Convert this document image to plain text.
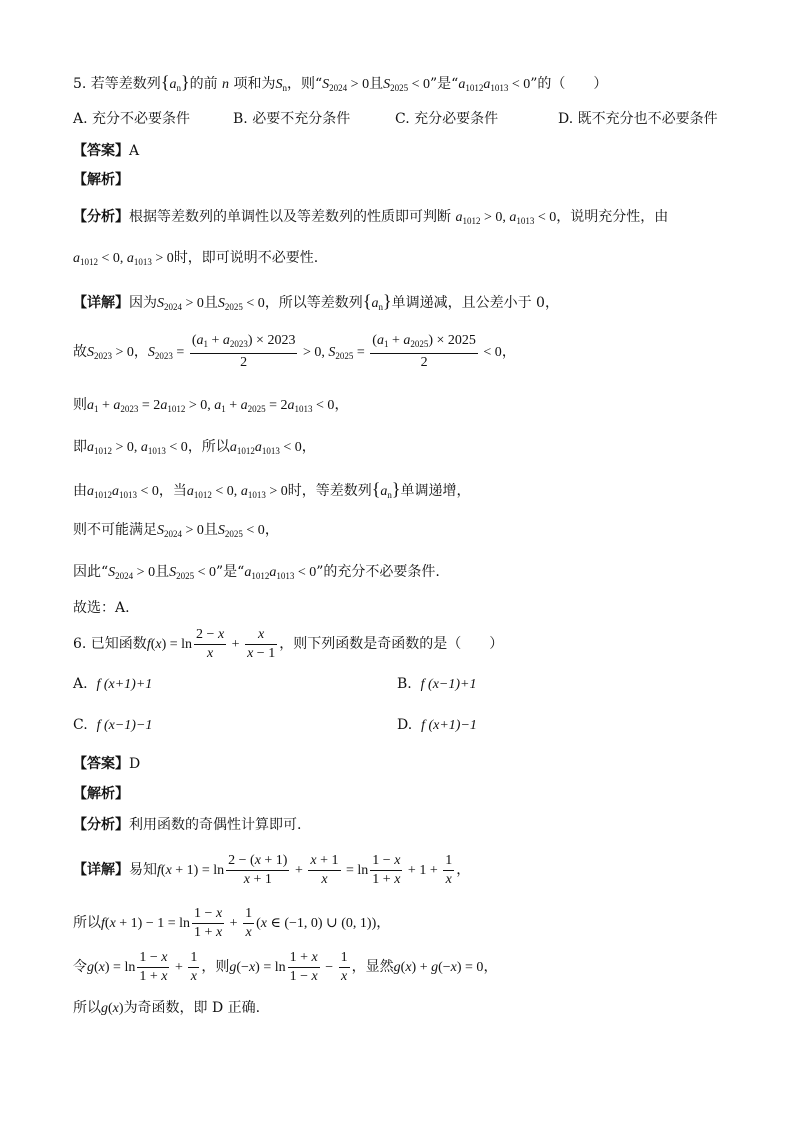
5. 若等差数列$\{a_n\}$的前 n 项和为$S_n$，则“$S_{2024} > 0$且$S_{2025} < 0$”是“$a_{1012}a_{1013} < 0$”的（　　）
A. 充分不必要条件	B. 必要不充分条件	C. 充分必要条件	D. 既不充分也不必要条件
【答案】A
【解析】
【分析】根据等差数列的单调性以及等差数列的性质即可判断 $a_{1012} > 0$, $a_{1013} < 0$，说明充分性，由
$a_{1012} < 0$, $a_{1013} > 0$时，即可说明不必要性.
【详解】因为$S_{2024} > 0$且$S_{2025} < 0$，所以等差数列$\{a_n\}$单调递减，且公差小于 0，
故$S_{2023} > 0$，$S_{2023} = \frac{(a_1 + a_{2023}) \times 2023}{2} > 0$, $S_{2025} = \frac{(a_1 + a_{2025}) \times 2025}{2} < 0$，
则$a_1 + a_{2023} = 2a_{1012} > 0$, $a_1 + a_{2025} = 2a_{1013} < 0$，
即$a_{1012} > 0$, $a_{1013} < 0$，所以$a_{1012}a_{1013} < 0$，
由$a_{1012}a_{1013} < 0$，当$a_{1012} < 0$, $a_{1013} > 0$时，等差数列$\{a_n\}$单调递增，
则不可能满足$S_{2024} > 0$且$S_{2025} < 0$，
因此“$S_{2024} > 0$且$S_{2025} < 0$”是“$a_{1012}a_{1013} < 0$”的充分不必要条件.
故选：A.
6. 已知函数$f(x) = \ln \frac{2 - x}{x} + \frac{x}{x - 1}$ ，则下列函数是奇函数的是（　　）
A. f (x+1)+1	B. f (x−1)+1
C. f (x−1)−1	D. f (x+1)−1
【答案】D
【解析】
【分析】利用函数的奇偶性计算即可.
【详解】易知$f(x + 1) = \ln \frac{2 - (x + 1)}{x + 1} + \frac{x + 1}{x} = \ln \frac{1 - x}{1 + x} + 1 + \frac{1}{x}$ ，
所以$f(x + 1) - 1 = \ln \frac{1 - x}{1 + x} + \frac{1}{x} (x$ ∈ (−1, 0) ∪ (0, 1))，
令$g(x) = \ln \frac{1 - x}{1 + x} + \frac{1}{x}$ ，则$g(-x) = \ln \frac{1 + x}{1 - x} - \frac{1}{x}$ ，显然g(x) + g(−x) = 0，
所以g(x)为奇函数，即 D 正确.
